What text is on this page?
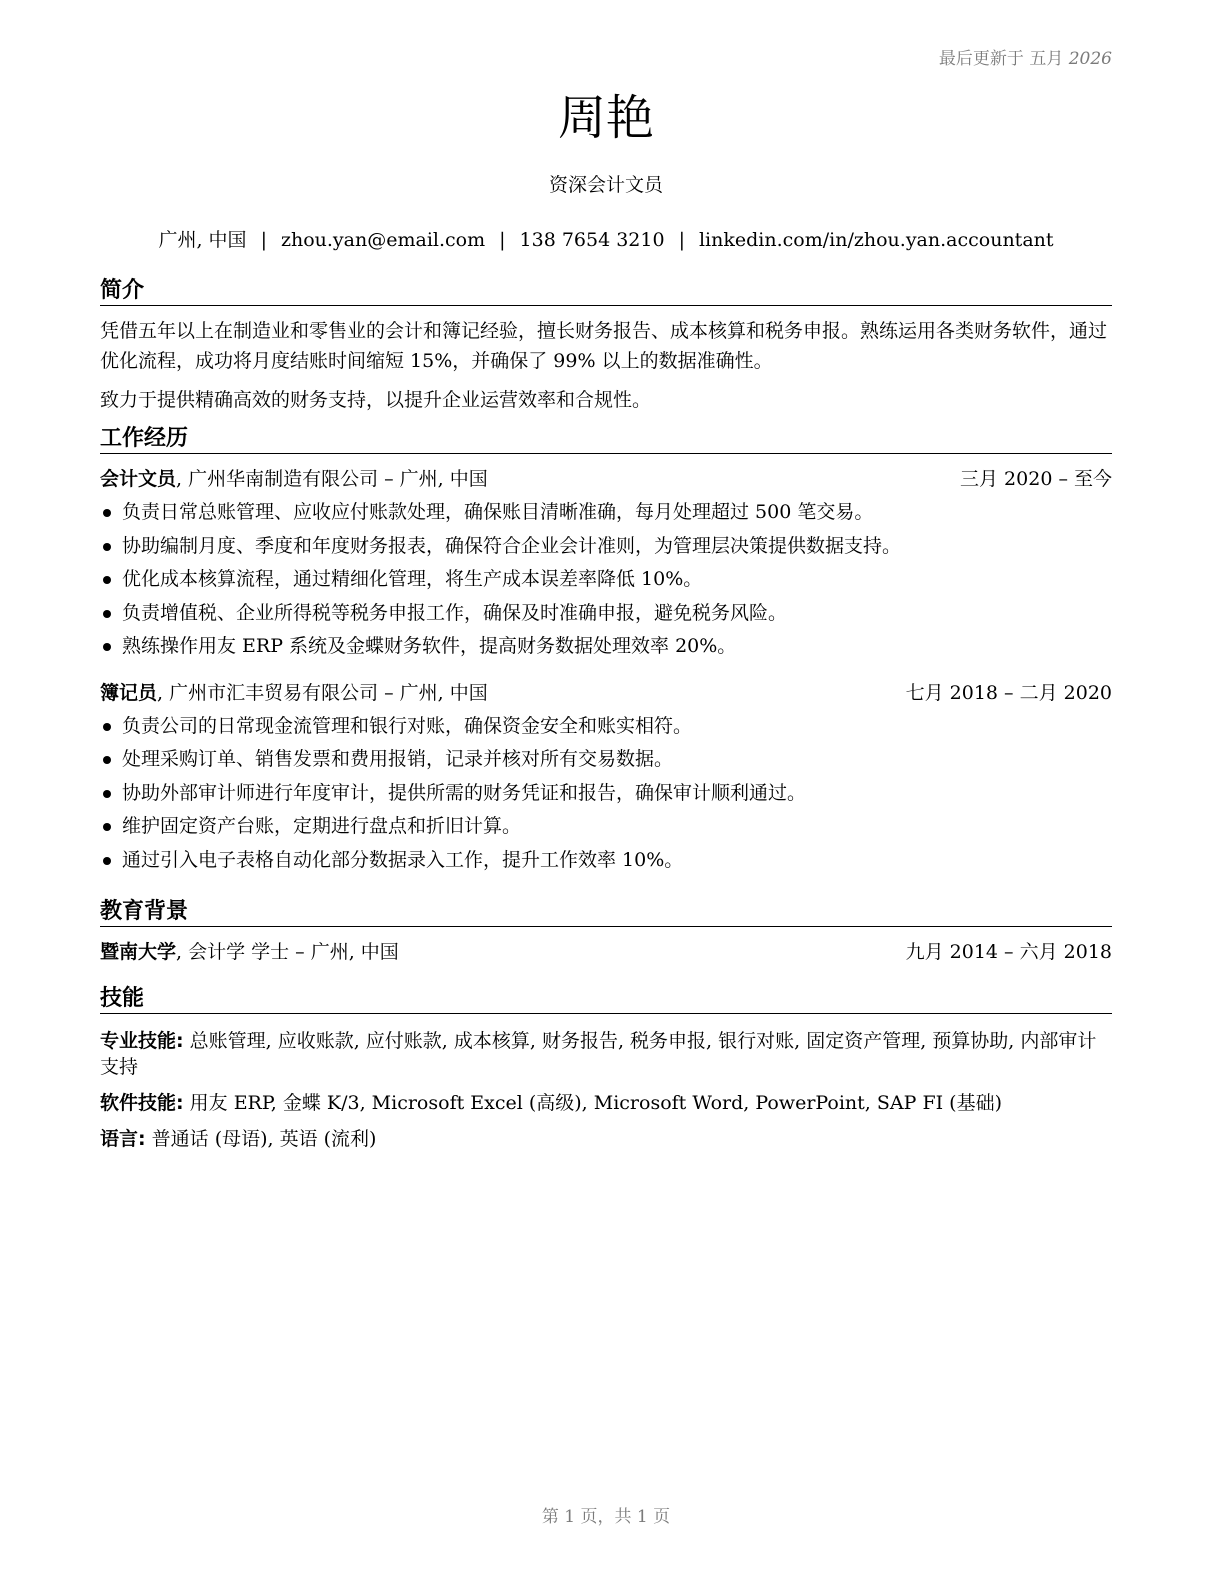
最后更新于 五月 2026
周艳
资深会计文员
广州, 中国 | zhou.yan@email.com | 138 7654 3210 | linkedin.com/in/zhou.yan.accountant
简介

凭借五年以上在制造业和零售业的会计和簿记经验，擅长财务报告、成本核算和税务申报。熟练运用各类财务软件，通过优化流程，成功将月度结账时间缩短 15%，并确保了 99% 以上的数据准确性。

致力于提供精确高效的财务支持，以提升企业运营效率和合规性。

工作经历
会计文员, 广州华南制造有限公司 – 广州, 中国	三月 2020 – 至今
负责日常总账管理、应收应付账款处理，确保账目清晰准确，每月处理超过 500 笔交易。
协助编制月度、季度和年度财务报表，确保符合企业会计准则，为管理层决策提供数据支持。
优化成本核算流程，通过精细化管理，将生产成本误差率降低 10%。
负责增值税、企业所得税等税务申报工作，确保及时准确申报，避免税务风险。
熟练操作用友 ERP 系统及金蝶财务软件，提高财务数据处理效率 20%。
簿记员, 广州市汇丰贸易有限公司 – 广州, 中国	七月 2018 – 二月 2020
负责公司的日常现金流管理和银行对账，确保资金安全和账实相符。
处理采购订单、销售发票和费用报销，记录并核对所有交易数据。
协助外部审计师进行年度审计，提供所需的财务凭证和报告，确保审计顺利通过。
维护固定资产台账，定期进行盘点和折旧计算。
通过引入电子表格自动化部分数据录入工作，提升工作效率 10%。
教育背景
暨南大学, 会计学 学士 – 广州, 中国	九月 2014 – 六月 2018
技能
专业技能: 总账管理, 应收账款, 应付账款, 成本核算, 财务报告, 税务申报, 银行对账, 固定资产管理, 预算协助, 内部审计支持
软件技能: 用友 ERP, 金蝶 K/3, Microsoft Excel (高级), Microsoft Word, PowerPoint, SAP FI (基础)
语言: 普通话 (母语), 英语 (流利)
第 1 页，共 1 页
